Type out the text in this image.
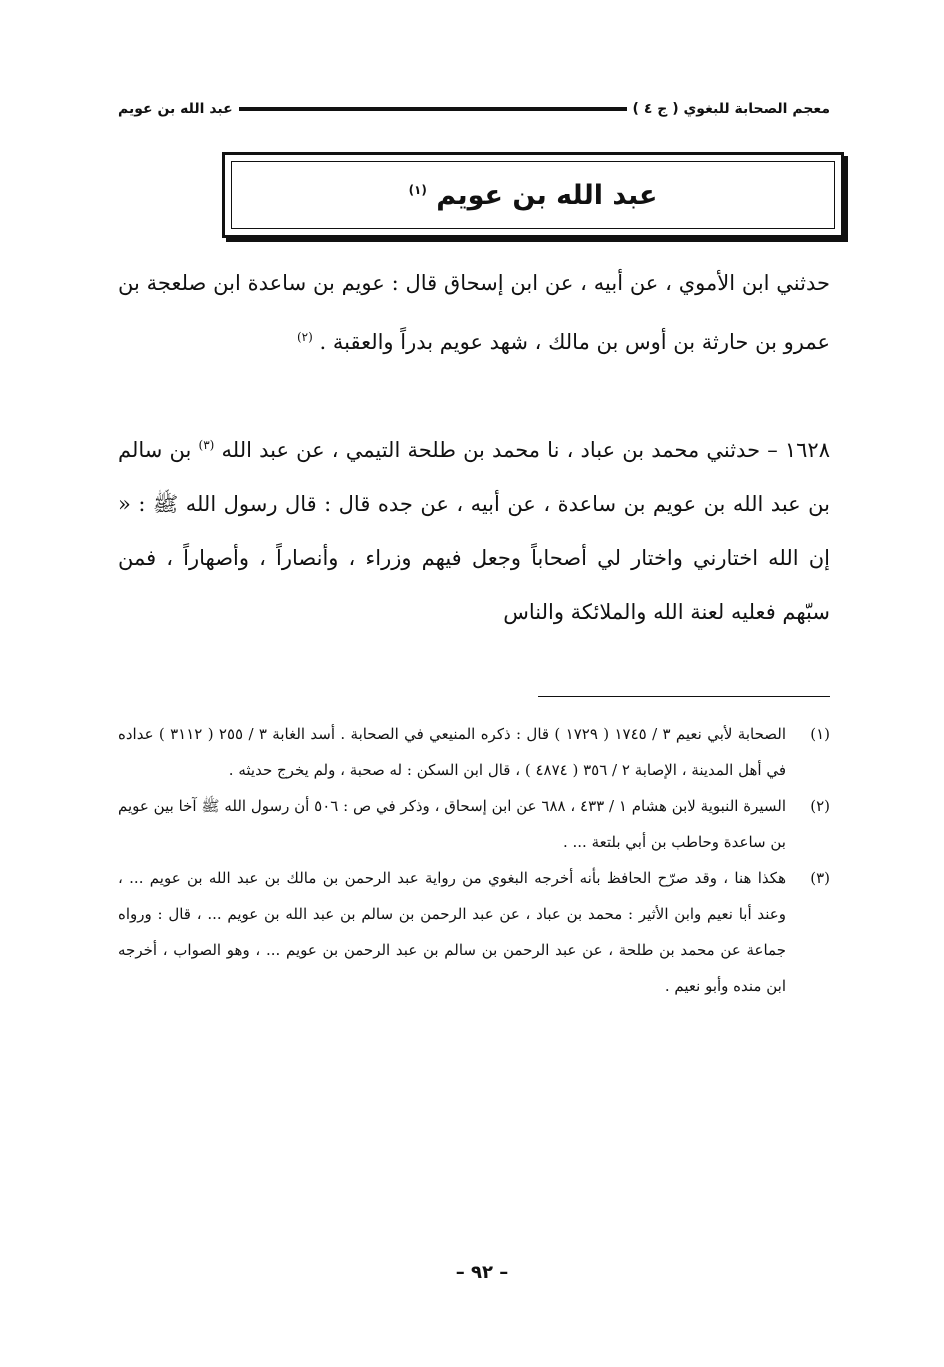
معجم الصحابة للبغوي ( ج ٤ )
عبد الله بن عويم
عبد الله بن عويم $^{(١)}$
حدثني ابن الأموي ، عن أبيه ، عن ابن إسحاق قال : عويم بن ساعدة ابن صلعجة بن عمرو بن حارثة بن أوس بن مالك ، شهد عويم بدراً والعقبة . $^{(٢)}$
١٦٢٨ – حدثني محمد بن عباد ، نا محمد بن طلحة التيمي ، عن عبد الله $^{(٣)}$ بن سالم بن عبد الله بن عويم بن ساعدة ، عن أبيه ، عن جده قال : قال رسول الله ﷺ : « إن الله اختارني واختار لي أصحاباً وجعل فيهم وزراء ، وأنصاراً ، وأصهاراً ، فمن سبّهم فعليه لعنة الله والملائكة والناس
(١)
الصحابة لأبي نعيم ٣ / ١٧٤٥ ( ١٧٢٩ ) قال : ذكره المنيعي في الصحابة . أسد الغابة ٣ / ٢٥٥ ( ٣١١٢ ) عداده في أهل المدينة ، الإصابة ٢ / ٣٥٦ ( ٤٨٧٤ ) ، قال ابن السكن : له صحبة ، ولم يخرج حديثه .
(٢)
السيرة النبوية لابن هشام ١ / ٤٣٣ ، ٦٨٨ عن ابن إسحاق ، وذكر في ص : ٥٠٦ أن رسول الله ﷺ آخا بين عويم بن ساعدة وحاطب بن أبي بلتعة ... .
(٣)
هكذا هنا ، وقد صرّح الحافظ بأنه أخرجه البغوي من رواية عبد الرحمن بن مالك بن عبد الله بن عويم ... ، وعند أبا نعيم وابن الأثير : محمد بن عباد ، عن عبد الرحمن بن سالم بن عبد الله بن عويم ... ، قال : ورواه جماعة عن محمد بن طلحة ، عن عبد الرحمن بن سالم بن عبد الرحمن بن عويم ... ، وهو الصواب ، أخرجه ابن منده وأبو نعيم .
– ٩٢ –
